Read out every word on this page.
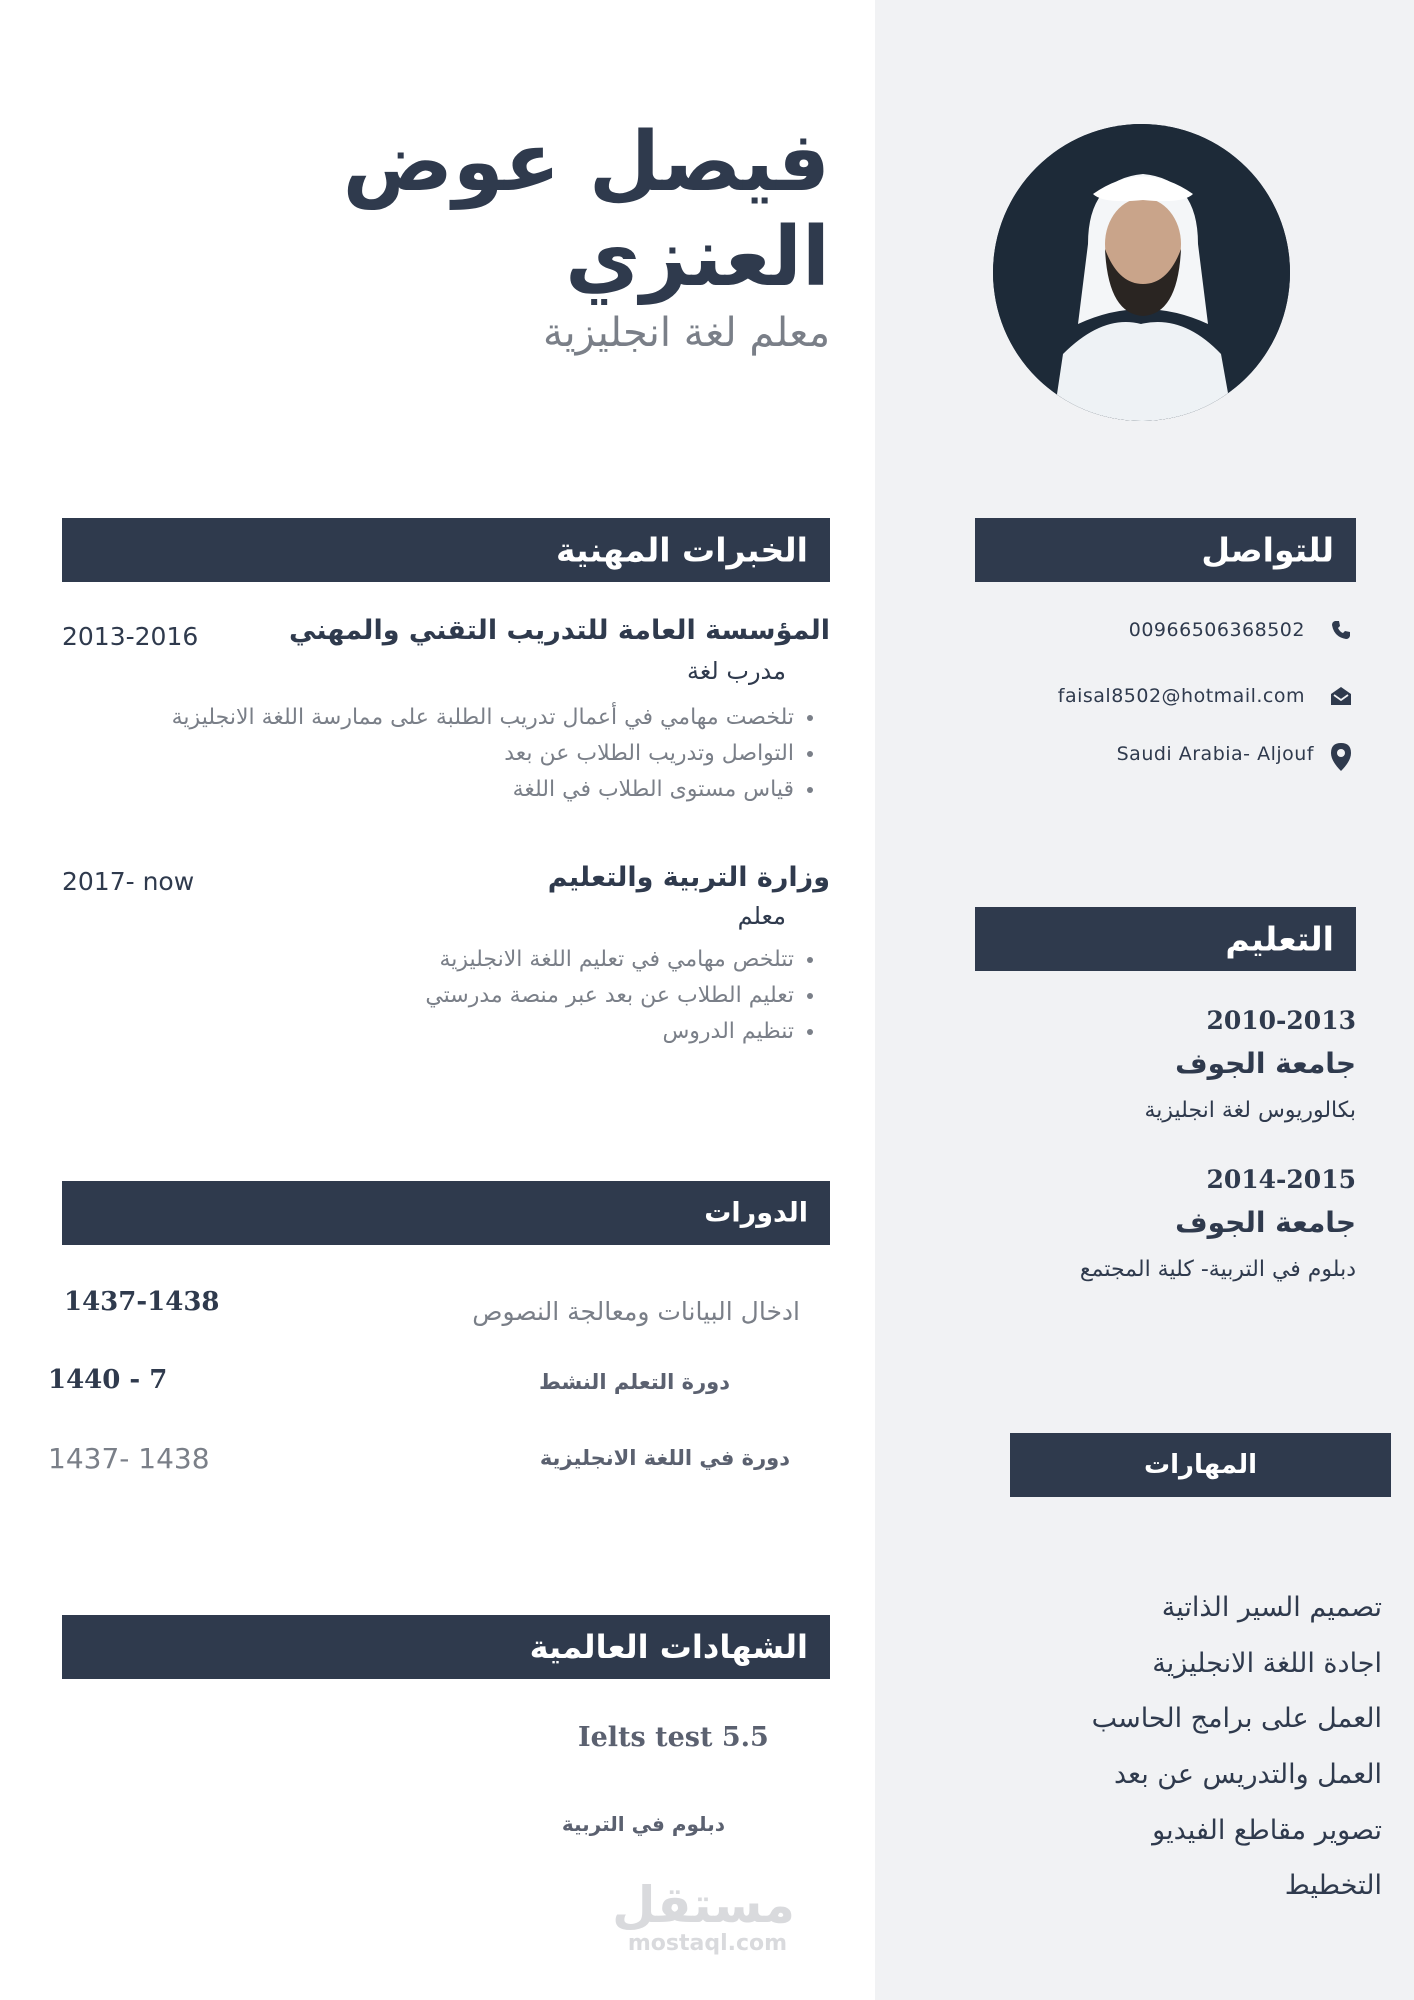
فيصل عوض العنزي
معلم لغة انجليزية
الخبرات المهنية
المؤسسة العامة للتدريب التقني والمهني
2013-2016
مدرب لغة
• تلخصت مهامي في أعمال تدريب الطلبة على ممارسة اللغة الانجليزية
• التواصل وتدريب الطلاب عن بعد
• قياس مستوى الطلاب في اللغة
وزارة التربية والتعليم
2017- now
معلم
• تتلخص مهامي في تعليم اللغة الانجليزية
• تعليم الطلاب عن بعد عبر منصة مدرستي
• تنظيم الدروس
الدورات
ادخال البيانات ومعالجة النصوص
1437-1438
دورة التعلم النشط
1440 - 7
دورة في اللغة الانجليزية
1437- 1438
الشهادات العالمية
Ielts test 5.5
دبلوم في التربية
مستقل
mostaql.com
للتواصل
00966506368502
faisal8502@hotmail.com
Saudi Arabia- Aljouf
التعليم
2010-2013
جامعة الجوف
بكالوريوس لغة انجليزية
2014-2015
جامعة الجوف
دبلوم في التربية- كلية المجتمع
المهارات
تصميم السير الذاتية
اجادة اللغة الانجليزية
العمل على برامج الحاسب
العمل والتدريس عن بعد
تصوير مقاطع الفيديو
التخطيط
